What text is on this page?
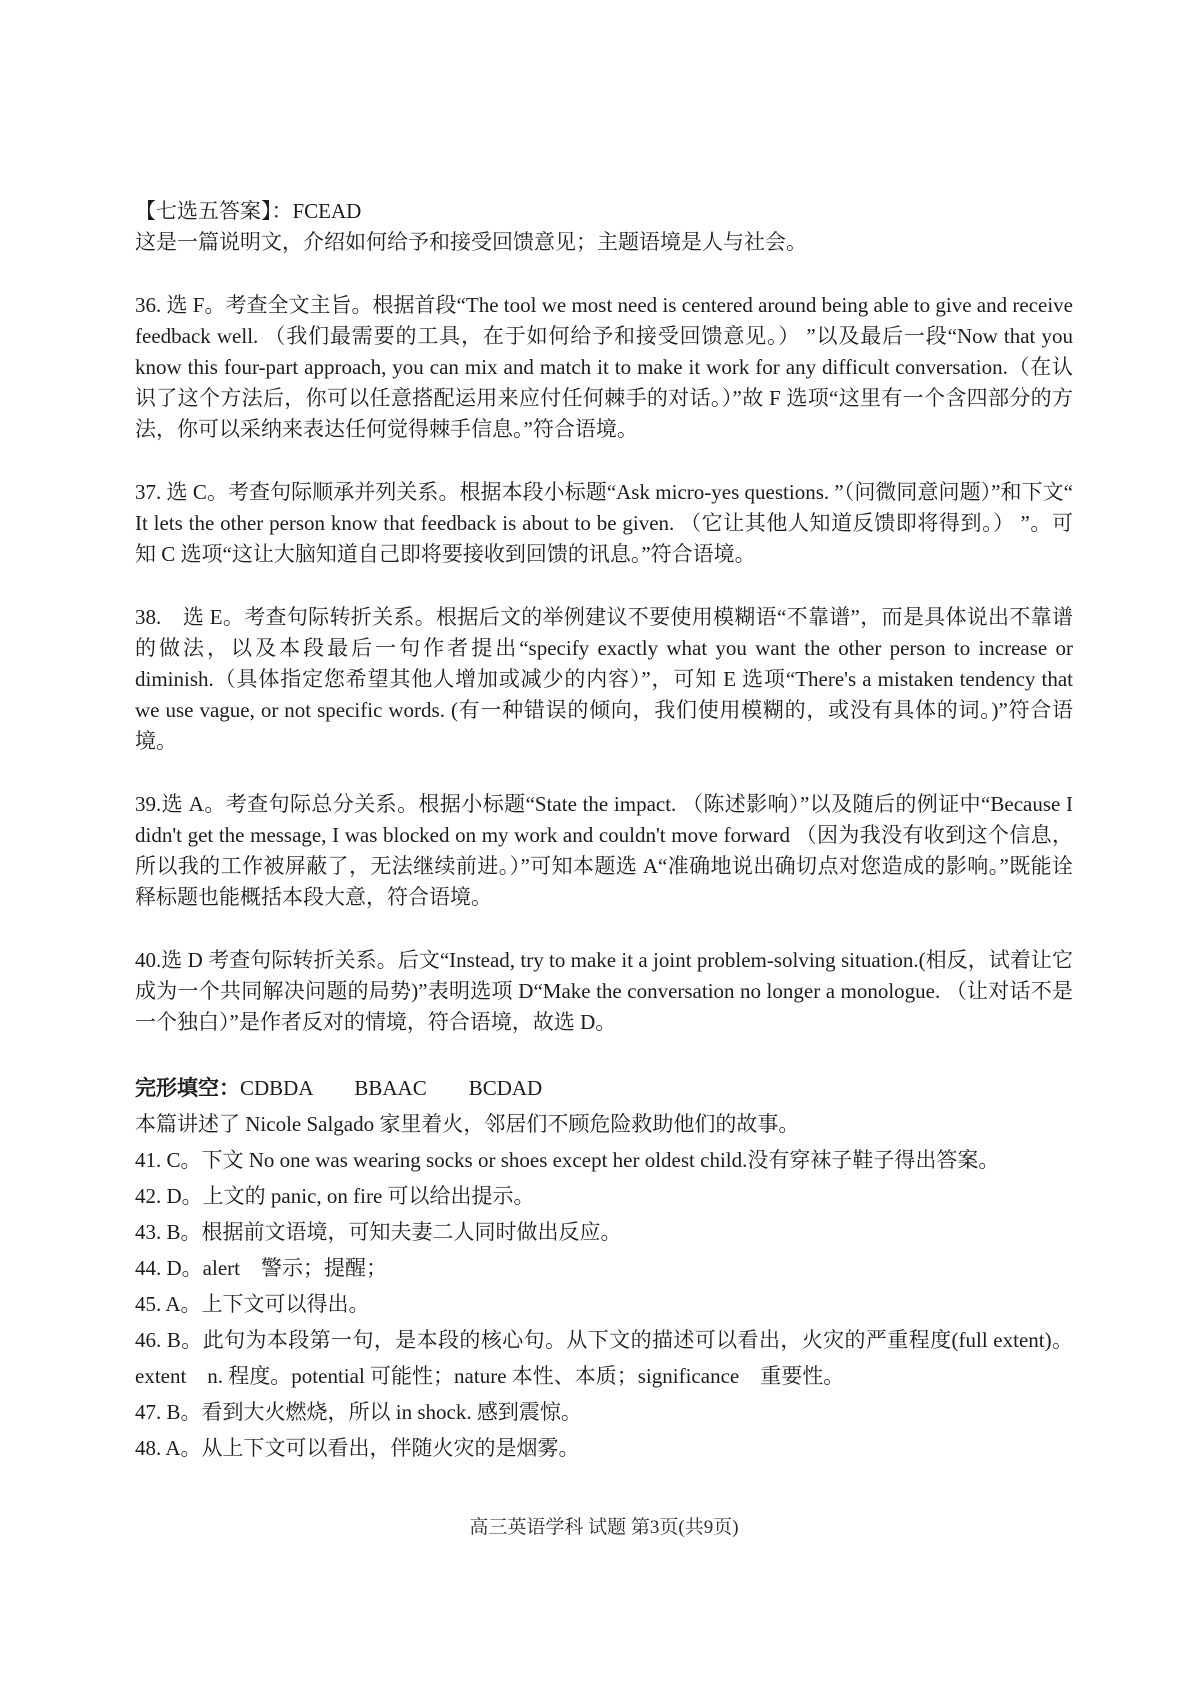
【七选五答案】：FCEAD
这是一篇说明文，介绍如何给予和接受回馈意见；主题语境是人与社会。

36. 选 F。考查全文主旨。根据首段“The tool we most need is centered around being able to give and receive feedback well. （我们最需要的工具，在于如何给予和接受回馈意见。） ”以及最后一段“Now that you know this four-part approach, you can mix and match it to make it work for any difficult conversation.（在认识了这个方法后，你可以任意搭配运用来应付任何棘手的对话。）”故 F 选项“这里有一个含四部分的方法，你可以采纳来表达任何觉得棘手信息。”符合语境。

37. 选 C。考查句际顺承并列关系。根据本段小标题“Ask micro-yes questions. ”（问微同意问题）”和下文“ It lets the other person know that feedback is about to be given. （它让其他人知道反馈即将得到。） ”。可知 C 选项“这让大脑知道自己即将要接收到回馈的讯息。”符合语境。

38.　选 E。考查句际转折关系。根据后文的举例建议不要使用模糊语“不靠谱”，而是具体说出不靠谱的做法，以及本段最后一句作者提出“specify exactly what you want the other person to increase or diminish.（具体指定您希望其他人增加或减少的内容）”，可知 E 选项“There's a mistaken tendency that we use vague, or not specific words. (有一种错误的倾向，我们使用模糊的，或没有具体的词。)”符合语境。

39.选 A。考查句际总分关系。根据小标题“State the impact. （陈述影响）”以及随后的例证中“Because I didn't get the message, I was blocked on my work and couldn't move forward （因为我没有收到这个信息，所以我的工作被屏蔽了，无法继续前进。）”可知本题选 A“准确地说出确切点对您造成的影响。”既能诠释标题也能概括本段大意，符合语境。

40.选 D 考查句际转折关系。后文“Instead, try to make it a joint problem-solving situation.(相反，试着让它成为一个共同解决问题的局势)”表明选项 D“Make the conversation no longer a monologue. （让对话不是一个独白）”是作者反对的情境，符合语境，故选 D。

完形填空：CDBDA　　BBAAC　　BCDAD

本篇讲述了 Nicole Salgado 家里着火，邻居们不顾危险救助他们的故事。

41. C。下文 No one was wearing socks or shoes except her oldest child.没有穿袜子鞋子得出答案。

42. D。上文的 panic, on fire 可以给出提示。

43. B。根据前文语境，可知夫妻二人同时做出反应。

44. D。alert　警示；提醒；

45. A。上下文可以得出。

46. B。此句为本段第一句，是本段的核心句。从下文的描述可以看出，火灾的严重程度(full extent)。extent　n. 程度。potential 可能性；nature 本性、本质；significance　重要性。

47. B。看到大火燃烧，所以 in shock. 感到震惊。

48. A。从上下文可以看出，伴随火灾的是烟雾。

高三英语学科 试题 第3页(共9页)
